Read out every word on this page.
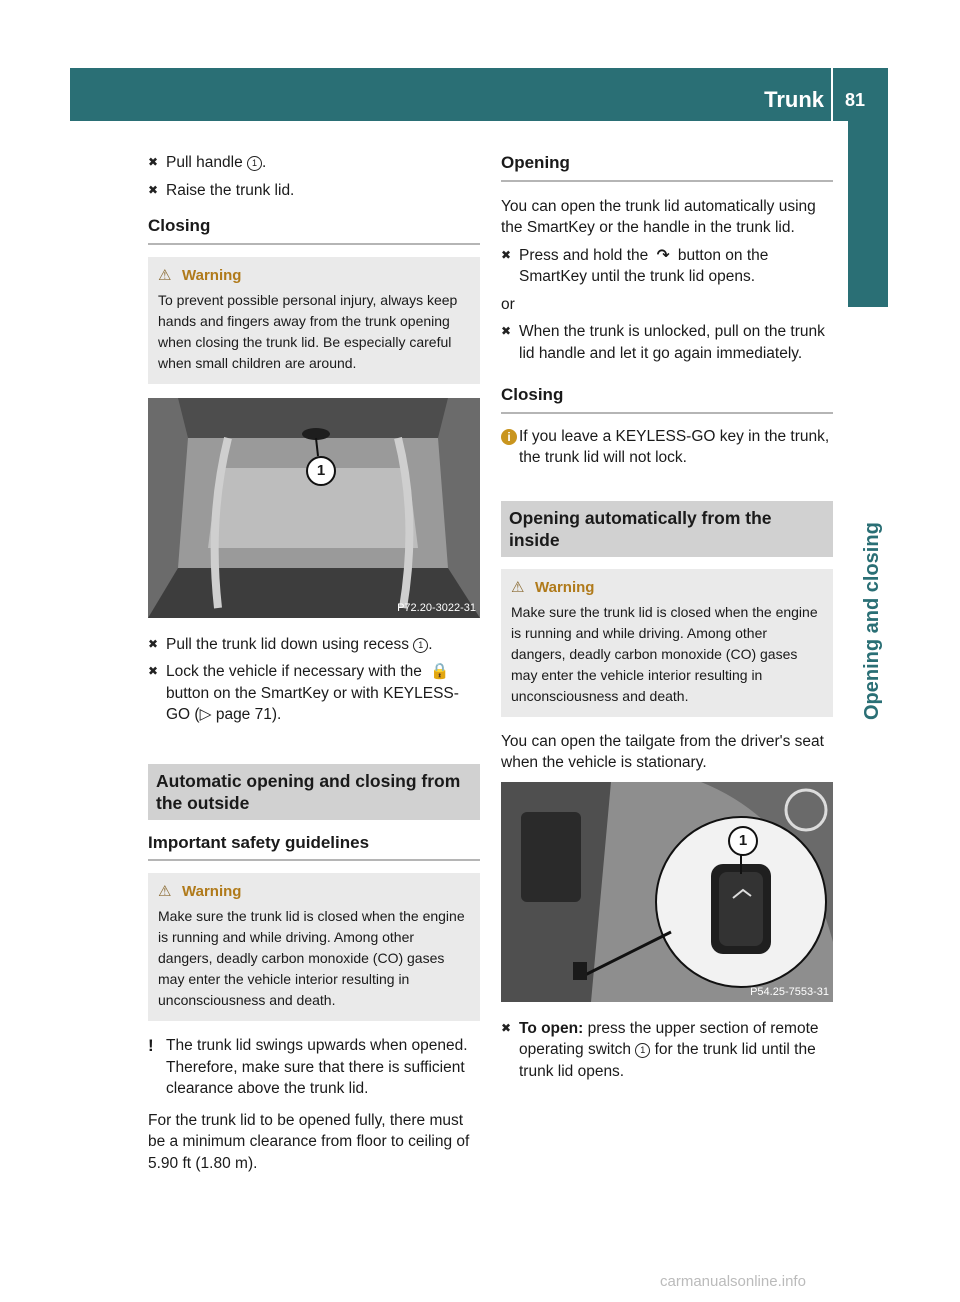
Trunk 81
Opening and closing
✖ Pull handle 1 .
✖ Raise the trunk lid.
Closing
⚠ Warning
To prevent possible personal injury, always keep hands and fingers away from the trunk opening when closing the trunk lid. Be especially careful when small children are around.
1
P72.20-3022-31
✖ Pull the trunk lid down using recess 1 .
✖ Lock the vehicle if necessary with the 🔒 button on the SmartKey or with KEYLESS-GO (▷ page 71).
Automatic opening and closing from the outside
Important safety guidelines
⚠ Warning
Make sure the trunk lid is closed when the engine is running and while driving. Among other dangers, deadly carbon monoxide (CO) gases may enter the vehicle interior resulting in unconsciousness and death.
! The trunk lid swings upwards when opened. Therefore, make sure that there is sufficient clearance above the trunk lid.
For the trunk lid to be opened fully, there must be a minimum clearance from floor to ceiling of 5.90 ft (1.80 m).
Opening
You can open the trunk lid automatically using the SmartKey or the handle in the trunk lid.
✖ Press and hold the ↷ button on the SmartKey until the trunk lid opens.
or
✖ When the trunk is unlocked, pull on the trunk lid handle and let it go again immediately.
Closing
i If you leave a KEYLESS-GO key in the trunk, the trunk lid will not lock.
Opening automatically from the inside
⚠ Warning
Make sure the trunk lid is closed when the engine is running and while driving. Among other dangers, deadly carbon monoxide (CO) gases may enter the vehicle interior resulting in unconsciousness and death.
You can open the tailgate from the driver's seat when the vehicle is stationary.
1
P54.25-7553-31
✖ To open: press the upper section of remote operating switch 1 for the trunk lid until the trunk lid opens.
carmanualsonline.info
